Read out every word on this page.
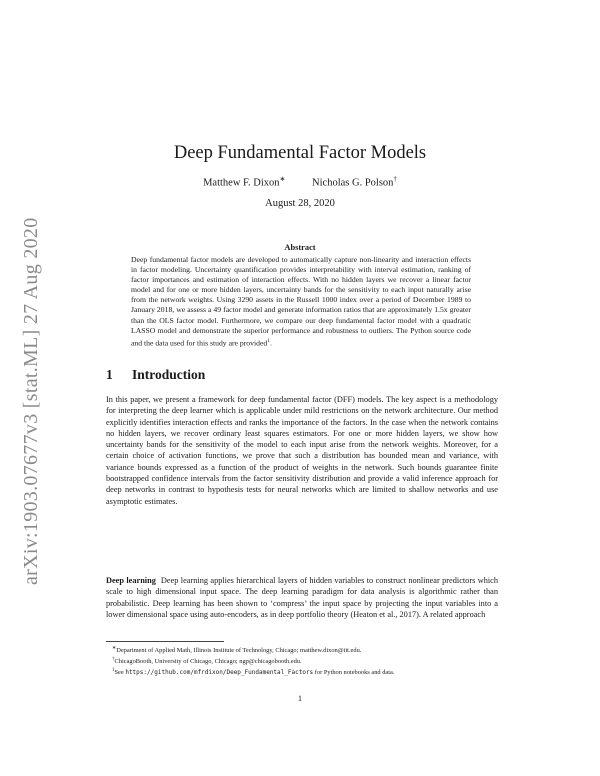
arXiv:1903.07677v3 [stat.ML] 27 Aug 2020
Deep Fundamental Factor Models
Matthew F. Dixon∗	Nicholas G. Polson†
August 28, 2020
Abstract
Deep fundamental factor models are developed to automatically capture non-linearity and interaction effects in factor modeling. Uncertainty quantification provides interpretability with interval estimation, ranking of factor importances and estimation of interaction effects. With no hidden layers we recover a linear factor model and for one or more hidden layers, uncertainty bands for the sensitivity to each input naturally arise from the network weights. Using 3290 assets in the Russell 1000 index over a period of December 1989 to January 2018, we assess a 49 factor model and generate information ratios that are approximately 1.5x greater than the OLS factor model. Furthermore, we compare our deep fundamental factor model with a quadratic LASSO model and demonstrate the superior performance and robustness to outliers. The Python source code and the data used for this study are provided$^1$.
1 Introduction
In this paper, we present a framework for deep fundamental factor (DFF) models. The key aspect is a methodology for interpreting the deep learner which is applicable under mild restrictions on the network architecture. Our method explicitly identifies interaction effects and ranks the importance of the factors. In the case when the network contains no hidden layers, we recover ordinary least squares estimators. For one or more hidden layers, we show how uncertainty bands for the sensitivity of the model to each input arise from the network weights. Moreover, for a certain choice of activation functions, we prove that such a distribution has bounded mean and variance, with variance bounds expressed as a function of the product of weights in the network. Such bounds guarantee finite bootstrapped confidence intervals from the factor sensitivity distribution and provide a valid inference approach for deep networks in contrast to hypothesis tests for neural networks which are limited to shallow networks and use asymptotic estimates.
Deep learning Deep learning applies hierarchical layers of hidden variables to construct nonlinear predictors which scale to high dimensional input space. The deep learning paradigm for data analysis is algorithmic rather than probabilistic. Deep learning has been shown to ‘compress’ the input space by projecting the input variables into a lower dimensional space using auto-encoders, as in deep portfolio theory (Heaton et al., 2017). A related approach
∗Department of Applied Math, Illinois Institute of Technology, Chicago; matthew.dixon@iit.edu.
†ChicagoBooth, University of Chicago, Chicago; ngp@chicagobooth.edu.
$^1$See https://github.com/mfrdixon/Deep_Fundamental_Factors for Python notebooks and data.
1
